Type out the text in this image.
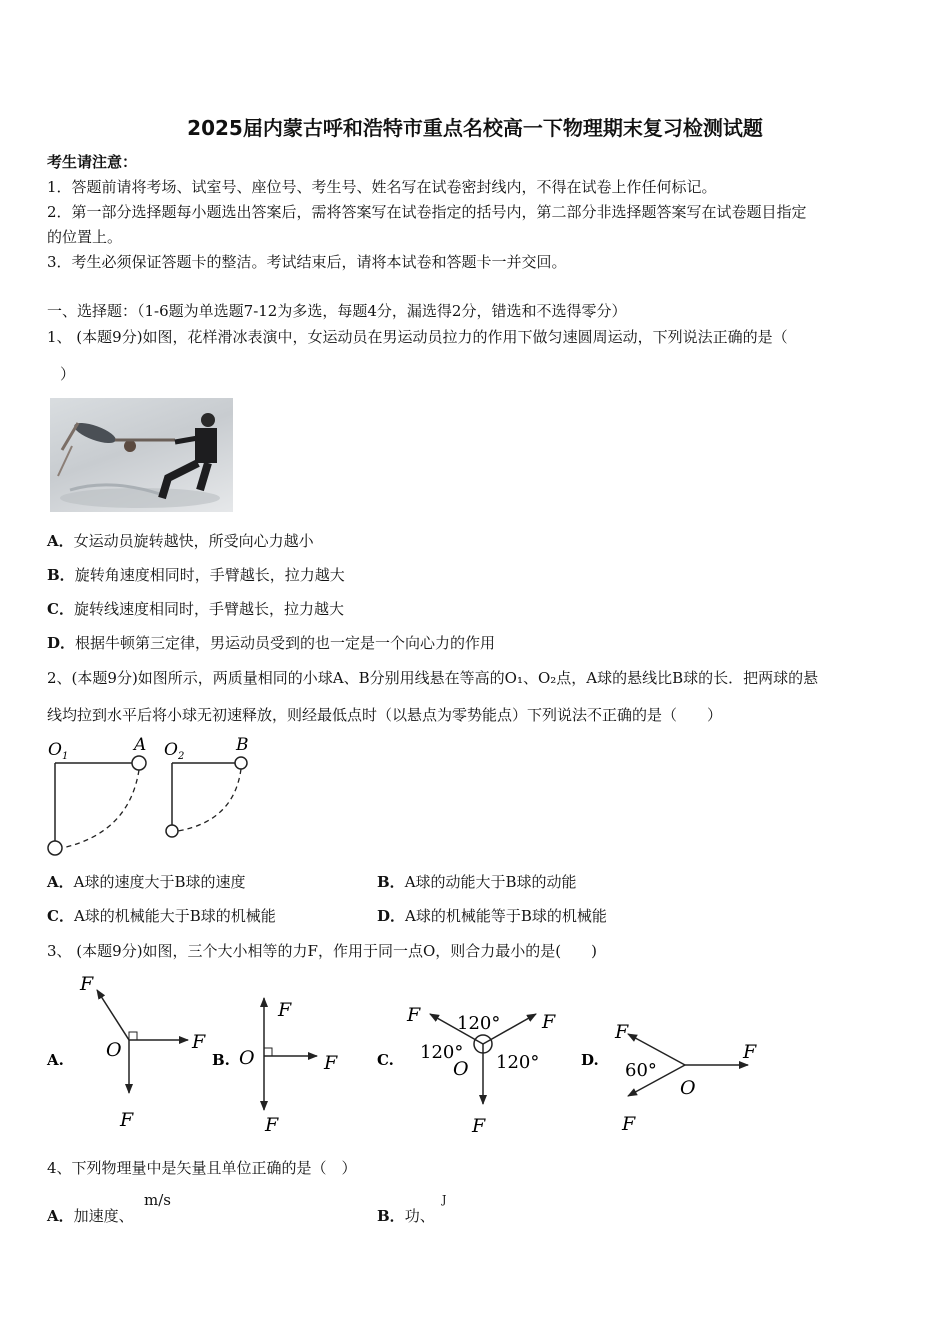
2025届内蒙古呼和浩特市重点名校高一下物理期末复习检测试题
考生请注意：
1．答题前请将考场、试室号、座位号、考生号、姓名写在试卷密封线内，不得在试卷上作任何标记。
2．第一部分选择题每小题选出答案后，需将答案写在试卷指定的括号内，第二部分非选择题答案写在试卷题目指定
的位置上。
3．考生必须保证答题卡的整洁。考试结束后，请将本试卷和答题卡一并交回。
一、选择题：（1-6题为单选题7-12为多选，每题4分，漏选得2分，错选和不选得零分）
1、 (本题9分)如图，花样滑冰表演中，女运动员在男运动员拉力的作用下做匀速圆周运动，下列说法正确的是（
）
A．女运动员旋转越快，所受向心力越小
B．旋转角速度相同时，手臂越长，拉力越大
C．旋转线速度相同时，手臂越长，拉力越大
D．根据牛顿第三定律，男运动员受到的也一定是一个向心力的作用
2、(本题9分)如图所示，两质量相同的小球A、B分别用线悬在等高的O₁、O₂点，A球的悬线比B球的长．把两球的悬
线均拉到水平后将小球无初速释放，则经最低点时（以悬点为零势能点）下列说法不正确的是（　　）
$O_1$
A $O_2$
B
A．A球的速度大于B球的速度	B．A球的动能大于B球的动能
C．A球的机械能大于B球的机械能	D．A球的机械能等于B球的机械能
3、 (本题9分)如图，三个大小相等的力F，作用于同一点O，则合力最小的是(　　)
A.
F
F
F
O	B.
F
F
F
O	C.
F	F
F
120°
120° 120°
O	D.
F
F
F
60°
O
4、下列物理量中是矢量且单位正确的是（　）
A．加速度、
m/s
B．功、
J
